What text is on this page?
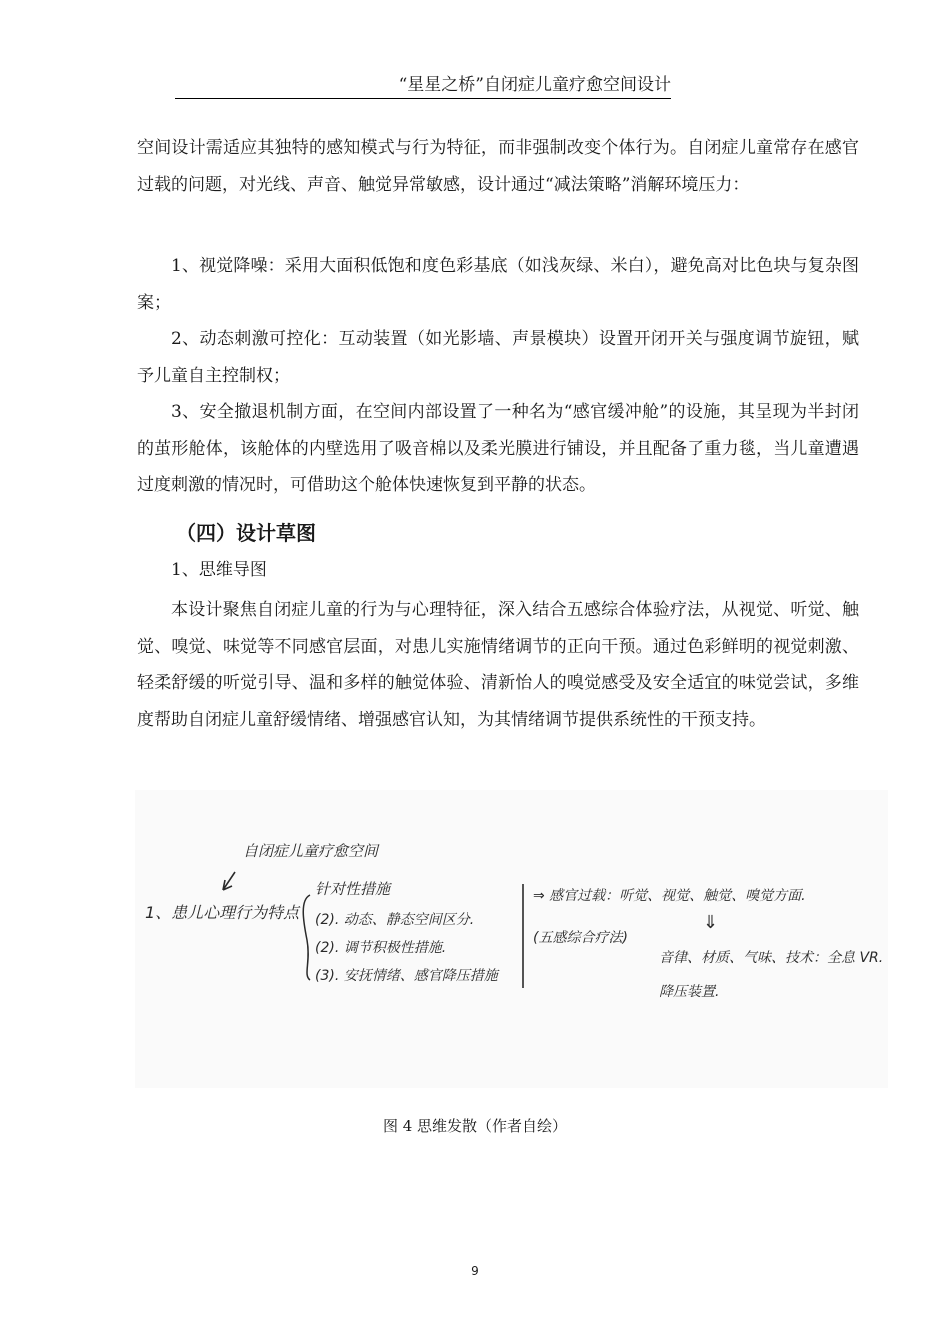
“星星之桥”自闭症儿童疗愈空间设计

空间设计需适应其独特的感知模式与行为特征，而非强制改变个体行为。自闭症儿童常存在感官过载的问题，对光线、声音、触觉异常敏感，设计通过“减法策略”消解环境压力：

1、视觉降噪：采用大面积低饱和度色彩基底（如浅灰绿、米白），避免高对比色块与复杂图案；

2、动态刺激可控化：互动装置（如光影墙、声景模块）设置开闭开关与强度调节旋钮，赋予儿童自主控制权；

3、安全撤退机制方面，在空间内部设置了一种名为“感官缓冲舱”的设施，其呈现为半封闭的茧形舱体，该舱体的内壁选用了吸音棉以及柔光膜进行铺设，并且配备了重力毯，当儿童遭遇过度刺激的情况时，可借助这个舱体快速恢复到平静的状态。

（四）设计草图

1、思维导图

本设计聚焦自闭症儿童的行为与心理特征，深入结合五感综合体验疗法，从视觉、听觉、触觉、嗅觉、味觉等不同感官层面，对患儿实施情绪调节的正向干预。通过色彩鲜明的视觉刺激、轻柔舒缓的听觉引导、温和多样的触觉体验、清新怡人的嗅觉感受及安全适宜的味觉尝试，多维度帮助自闭症儿童舒缓情绪、增强感官认知，为其情绪调节提供系统性的干预支持。

自闭症儿童疗愈空间
1、患儿心理行为特点
针对性措施
(2). 动态、静态空间区分.
(2). 调节积极性措施.
(3). 安抚情绪、感官降压措施
⇒ 感官过载：听觉、视觉、触觉、嗅觉方面.
(五感综合疗法)
⇓
音律、材质、气味、技术：全息 VR.
降压装置.
图 4 思维发散（作者自绘）
9
